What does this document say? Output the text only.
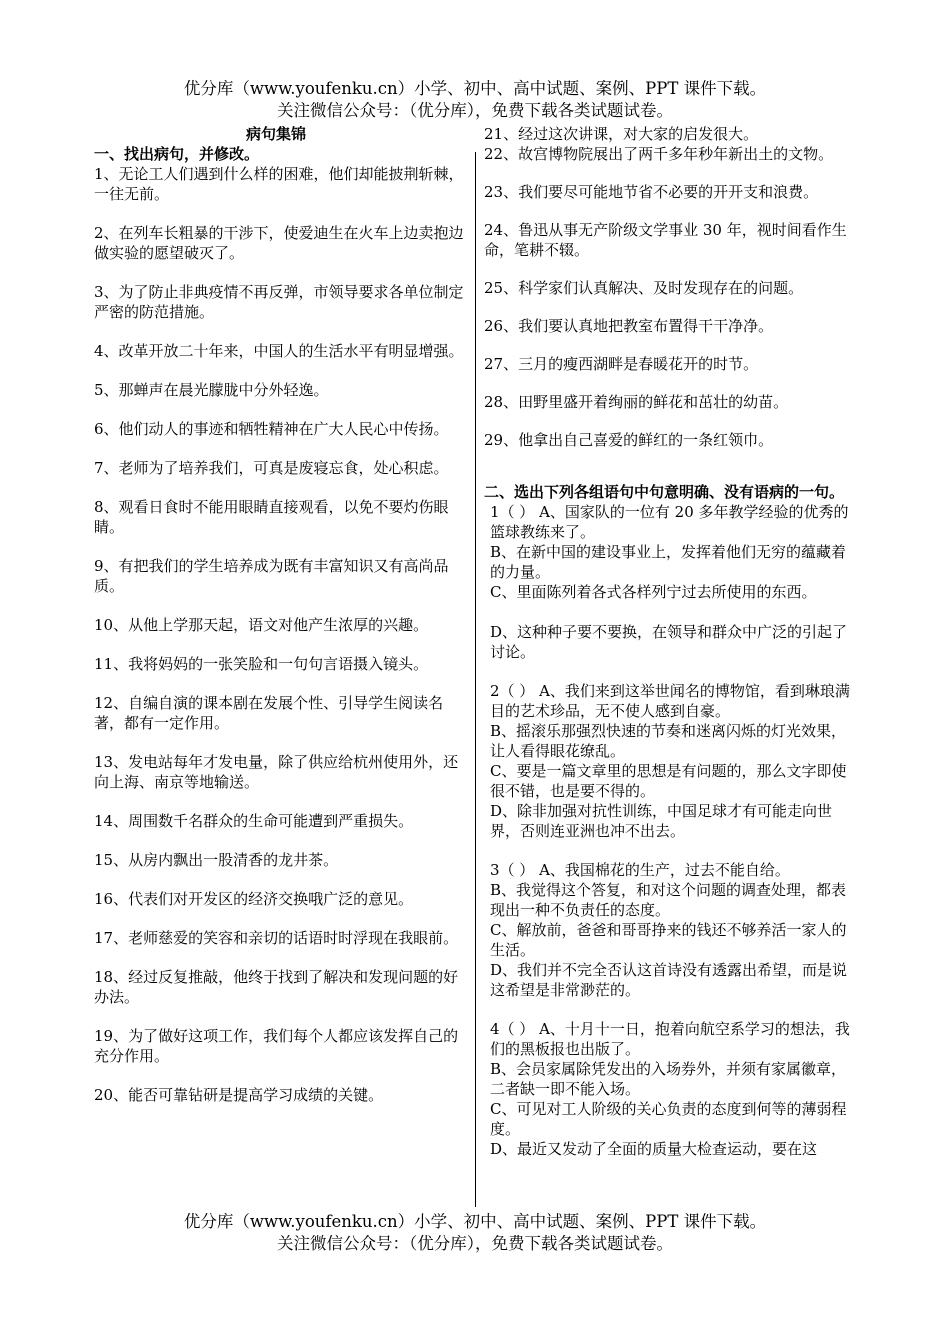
优分库（www.youfenku.cn）小学、初中、高中试题、案例、PPT 课件下载。
关注微信公众号：（优分库），免费下载各类试题试卷。
病句集锦
一、找出病句，并修改。
1、无论工人们遇到什么样的困难，他们却能披荆斩棘，一往无前。
2、在列车长粗暴的干涉下，使爱迪生在火车上边卖抱边做实验的愿望破灭了。
3、为了防止非典疫情不再反弹，市领导要求各单位制定严密的防范措施。
4、改革开放二十年来，中国人的生活水平有明显增强。
5、那蝉声在晨光朦胧中分外轻逸。
6、他们动人的事迹和牺牲精神在广大人民心中传扬。
7、老师为了培养我们，可真是废寝忘食，处心积虑。
8、观看日食时不能用眼睛直接观看，以免不要灼伤眼睛。
9、有把我们的学生培养成为既有丰富知识又有高尚品质。
10、从他上学那天起，语文对他产生浓厚的兴趣。
11、我将妈妈的一张笑脸和一句句言语摄入镜头。
12、自编自演的课本剧在发展个性、引导学生阅读名著，都有一定作用。
13、发电站每年才发电量，除了供应给杭州使用外，还向上海、南京等地输送。
14、周围数千名群众的生命可能遭到严重损失。
15、从房内飘出一股清香的龙井茶。
16、代表们对开发区的经济交换哦广泛的意见。
17、老师慈爱的笑容和亲切的话语时时浮现在我眼前。
18、经过反复推敲，他终于找到了解决和发现问题的好办法。
19、为了做好这项工作，我们每个人都应该发挥自己的充分作用。
20、能否可靠钻研是提高学习成绩的关键。
21、经过这次讲课，对大家的启发很大。
22、故宫博物院展出了两千多年秒年新出土的文物。
23、我们要尽可能地节省不必要的开开支和浪费。
24、鲁迅从事无产阶级文学事业 30 年，视时间看作生命，笔耕不辍。
25、科学家们认真解决、及时发现存在的问题。
26、我们要认真地把教室布置得干干净净。
27、三月的瘦西湖畔是春暖花开的时节。
28、田野里盛开着绚丽的鲜花和茁壮的幼苗。
29、他拿出自己喜爱的鲜红的一条红领巾。
二、选出下列各组语句中句意明确、没有语病的一句。
1（ ） A、国家队的一位有 20 多年教学经验的优秀的篮球教练来了。
B、在新中国的建设事业上，发挥着他们无穷的蕴藏着的力量。
C、里面陈列着各式各样列宁过去所使用的东西。
D、这种种子要不要换，在领导和群众中广泛的引起了讨论。
2（ ） A、我们来到这举世闻名的博物馆，看到琳琅满目的艺术珍品，无不使人感到自豪。
B、摇滚乐那强烈快速的节奏和迷离闪烁的灯光效果，让人看得眼花缭乱。
C、要是一篇文章里的思想是有问题的，那么文字即使很不错，也是要不得的。
D、除非加强对抗性训练，中国足球才有可能走向世界，否则连亚洲也冲不出去。
3（ ） A、我国棉花的生产，过去不能自给。
B、我觉得这个答复，和对这个问题的调查处理，都表现出一种不负责任的态度。
C、解放前，爸爸和哥哥挣来的钱还不够养活一家人的生活。
D、我们并不完全否认这首诗没有透露出希望，而是说这希望是非常渺茫的。
4（ ） A、十月十一日，抱着向航空系学习的想法，我们的黑板报也出版了。
B、会员家属除凭发出的入场券外，并须有家属徽章，二者缺一即不能入场。
C、可见对工人阶级的关心负责的态度到何等的薄弱程度。
D、最近又发动了全面的质量大检查运动，要在这
优分库（www.youfenku.cn）小学、初中、高中试题、案例、PPT 课件下载。
关注微信公众号：（优分库），免费下载各类试题试卷。
